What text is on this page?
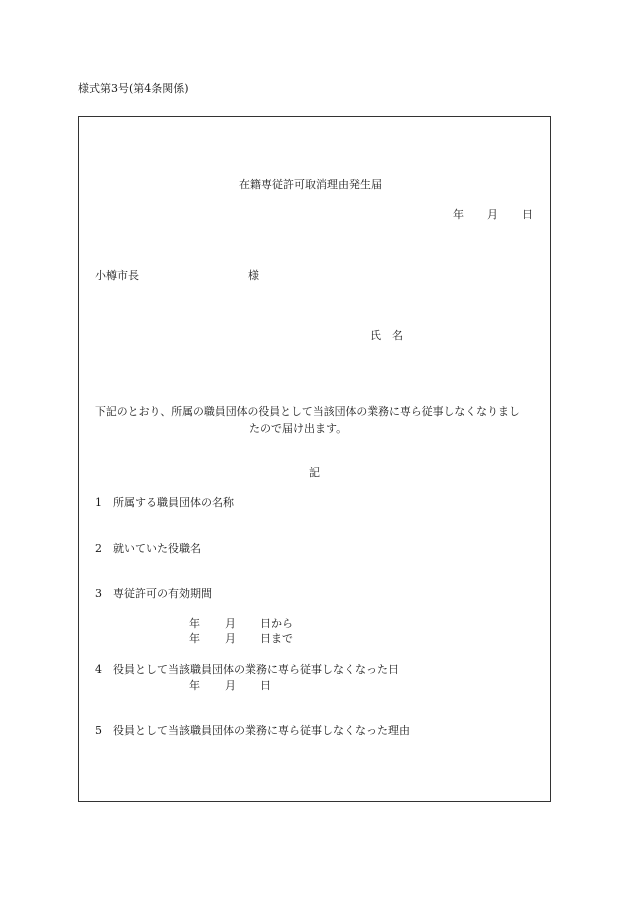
様式第3号(第4条関係)
在籍専従許可取消理由発生届
年 月 日
小樽市長	様
氏　名
下記のとおり、所属の職員団体の役員として当該団体の業務に専ら従事しなくなりまし
たので届け出ます。
記
1 所属する職員団体の名称
2 就いていた役職名
3 専従許可の有効期間
年 月 日から
年 月 日まで
4 役員として当該職員団体の業務に専ら従事しなくなった日
年 月 日
5 役員として当該職員団体の業務に専ら従事しなくなった理由
